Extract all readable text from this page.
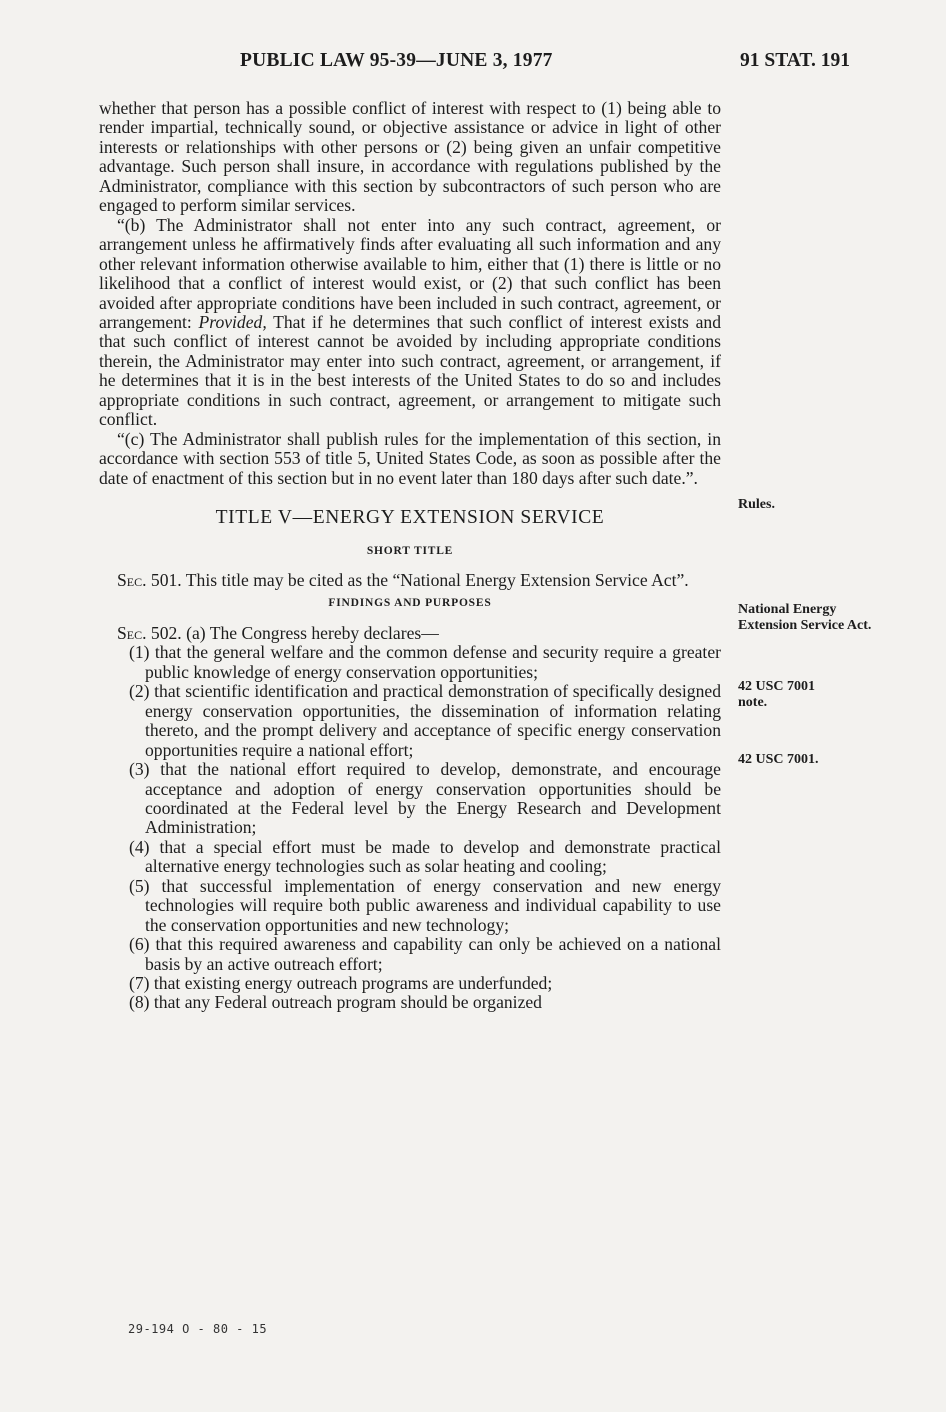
PUBLIC LAW 95-39—JUNE 3, 1977	91 STAT. 191

whether that person has a possible conflict of interest with respect to (1) being able to render impartial, technically sound, or objective assistance or advice in light of other interests or relationships with other persons or (2) being given an unfair competitive advantage. Such person shall insure, in accordance with regulations published by the Administrator, compliance with this section by subcontractors of such person who are engaged to perform similar services.

“(b) The Administrator shall not enter into any such contract, agreement, or arrangement unless he affirmatively finds after evaluating all such information and any other relevant information otherwise available to him, either that (1) there is little or no likelihood that a conflict of interest would exist, or (2) that such conflict has been avoided after appropriate conditions have been included in such contract, agreement, or arrangement: Provided, That if he determines that such conflict of interest exists and that such conflict of interest cannot be avoided by including appropriate conditions therein, the Administrator may enter into such contract, agreement, or arrangement, if he determines that it is in the best interests of the United States to do so and includes appropriate conditions in such contract, agreement, or arrangement to mitigate such conflict.

“(c) The Administrator shall publish rules for the implementation of this section, in accordance with section 553 of title 5, United States Code, as soon as possible after the date of enactment of this section but in no event later than 180 days after such date.”.

TITLE V—ENERGY EXTENSION SERVICE
SHORT TITLE

Sec. 501. This title may be cited as the “National Energy Extension Service Act”.

FINDINGS AND PURPOSES

Sec. 502. (a) The Congress hereby declares—

(1) that the general welfare and the common defense and security require a greater public knowledge of energy conservation opportunities;

(2) that scientific identification and practical demonstration of specifically designed energy conservation opportunities, the dissemination of information relating thereto, and the prompt delivery and acceptance of specific energy conservation opportunities require a national effort;

(3) that the national effort required to develop, demonstrate, and encourage acceptance and adoption of energy conservation opportunities should be coordinated at the Federal level by the Energy Research and Development Administration;

(4) that a special effort must be made to develop and demonstrate practical alternative energy technologies such as solar heating and cooling;

(5) that successful implementation of energy conservation and new energy technologies will require both public awareness and individual capability to use the conservation opportunities and new technology;

(6) that this required awareness and capability can only be achieved on a national basis by an active outreach effort;

(7) that existing energy outreach programs are underfunded;

(8) that any Federal outreach program should be organized

Rules.
National Energy Extension Service Act.
42 USC 7001 note.
42 USC 7001.
29-194 O - 80 - 15
